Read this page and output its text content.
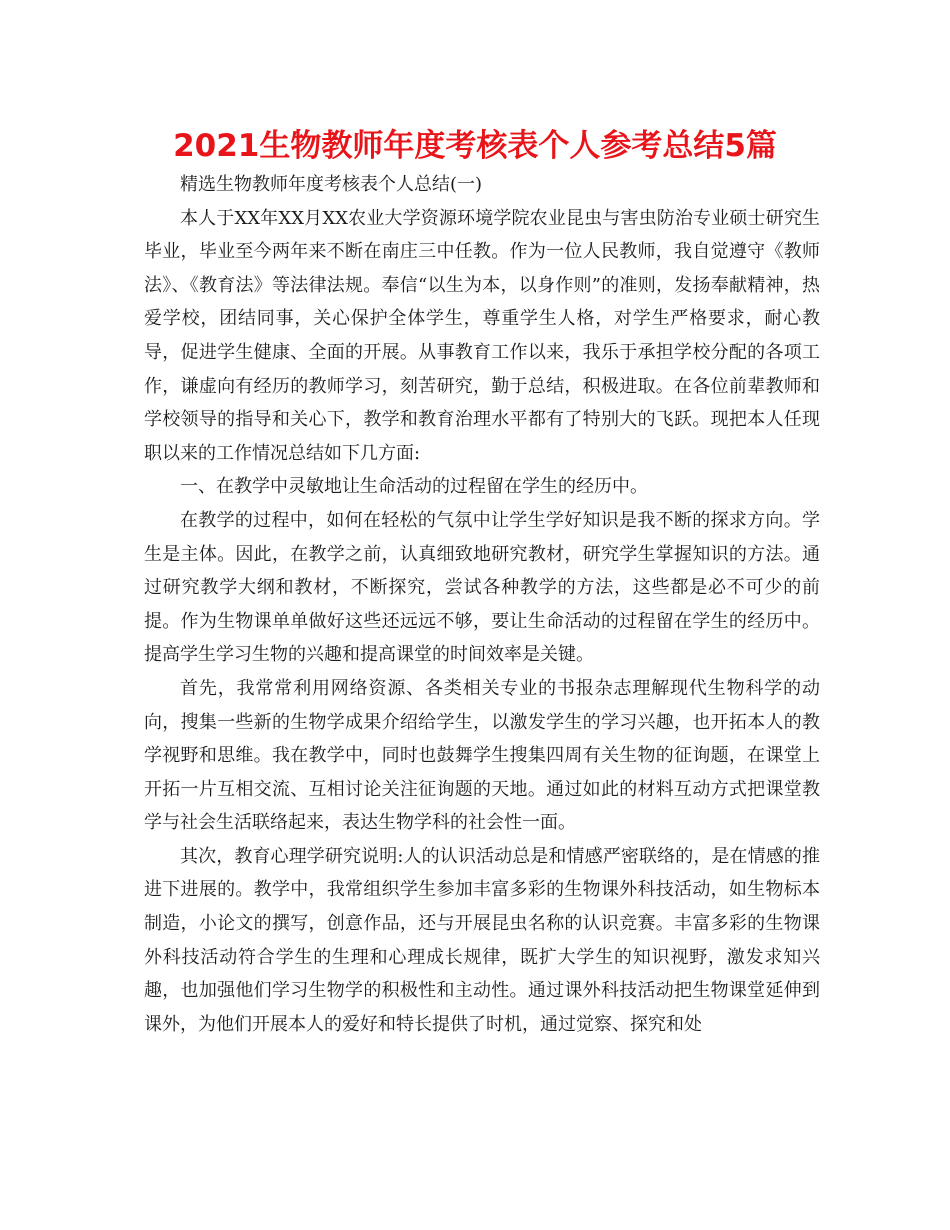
2021生物教师年度考核表个人参考总结5篇

精选生物教师年度考核表个人总结(一)

本人于XX年XX月XX农业大学资源环境学院农业昆虫与害虫防治专业硕士研究生毕业，毕业至今两年来不断在南庄三中任教。作为一位人民教师，我自觉遵守《教师法》、《教育法》等法律法规。奉信“以生为本，以身作则”的准则，发扬奉献精神，热爱学校，团结同事，关心保护全体学生，尊重学生人格，对学生严格要求，耐心教导，促进学生健康、全面的开展。从事教育工作以来，我乐于承担学校分配的各项工作，谦虚向有经历的教师学习，刻苦研究，勤于总结，积极进取。在各位前辈教师和学校领导的指导和关心下，教学和教育治理水平都有了特别大的飞跃。现把本人任现职以来的工作情况总结如下几方面:

一、在教学中灵敏地让生命活动的过程留在学生的经历中。

在教学的过程中，如何在轻松的气氛中让学生学好知识是我不断的探求方向。学生是主体。因此，在教学之前，认真细致地研究教材，研究学生掌握知识的方法。通过研究教学大纲和教材，不断探究，尝试各种教学的方法，这些都是必不可少的前提。作为生物课单单做好这些还远远不够，要让生命活动的过程留在学生的经历中。提高学生学习生物的兴趣和提高课堂的时间效率是关键。

首先，我常常利用网络资源、各类相关专业的书报杂志理解现代生物科学的动向，搜集一些新的生物学成果介绍给学生，以激发学生的学习兴趣，也开拓本人的教学视野和思维。我在教学中，同时也鼓舞学生搜集四周有关生物的征询题，在课堂上开拓一片互相交流、互相讨论关注征询题的天地。通过如此的材料互动方式把课堂教学与社会生活联络起来，表达生物学科的社会性一面。

其次，教育心理学研究说明:人的认识活动总是和情感严密联络的，是在情感的推进下进展的。教学中，我常组织学生参加丰富多彩的生物课外科技活动，如生物标本制造，小论文的撰写，创意作品，还与开展昆虫名称的认识竞赛。丰富多彩的生物课外科技活动符合学生的生理和心理成长规律，既扩大学生的知识视野，激发求知兴趣，也加强他们学习生物学的积极性和主动性。通过课外科技活动把生物课堂延伸到课外，为他们开展本人的爱好和特长提供了时机，通过觉察、探究和处
